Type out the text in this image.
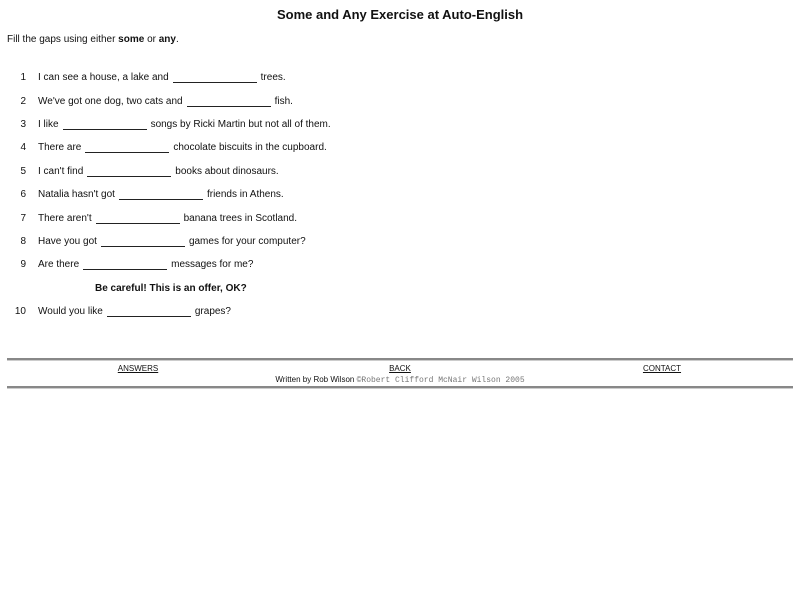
Some and Any Exercise at Auto-English
Fill the gaps using either some or any.
1	I can see a house, a lake and	trees.
2	We've got one dog, two cats and	fish.
3	I like	songs by Ricki Martin but not all of them.
4	There are	chocolate biscuits in the cupboard.
5	I can't find	books about dinosaurs.
6	Natalia hasn't got	friends in Athens.
7	There aren't	banana trees in Scotland.
8	Have you got	games for your computer?
9	Are there	messages for me?
Be careful! This is an offer, OK?
10	Would you like	grapes?
ANSWERS	BACK	CONTACT
Written by Rob Wilson ©Robert Clifford McNair Wilson 2005
